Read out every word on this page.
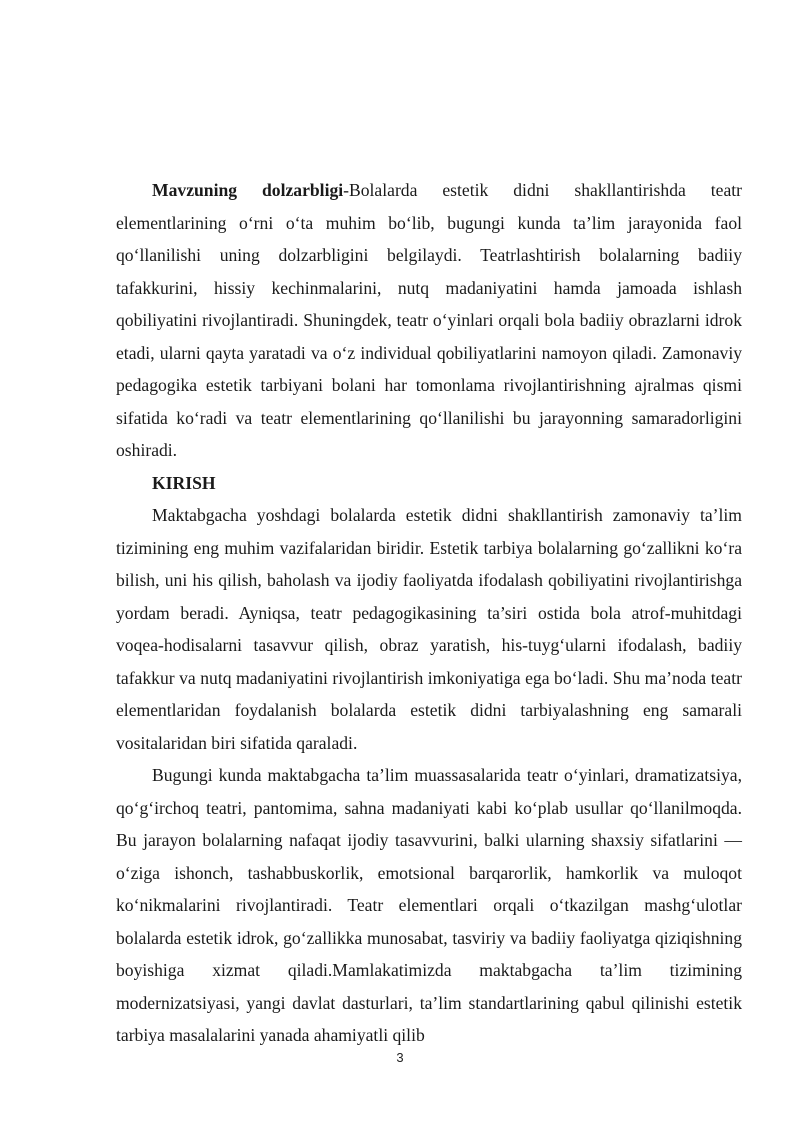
Mavzuning dolzarbligi-Bolalarda estetik didni shakllantirishda teatr elementlarining o‘rni o‘ta muhim bo‘lib, bugungi kunda ta’lim jarayonida faol qo‘llanilishi uning dolzarbligini belgilaydi. Teatrlashtirish bolalarning badiiy tafakkurini, hissiy kechinmalarini, nutq madaniyatini hamda jamoada ishlash qobiliyatini rivojlantiradi. Shuningdek, teatr o‘yinlari orqali bola badiiy obrazlarni idrok etadi, ularni qayta yaratadi va o‘z individual qobiliyatlarini namoyon qiladi. Zamonaviy pedagogika estetik tarbiyani bolani har tomonlama rivojlantirishning ajralmas qismi sifatida ko‘radi va teatr elementlarining qo‘llanilishi bu jarayonning samaradorligini oshiradi.

KIRISH

Maktabgacha yoshdagi bolalarda estetik didni shakllantirish zamonaviy ta’lim tizimining eng muhim vazifalaridan biridir. Estetik tarbiya bolalarning go‘zallikni ko‘ra bilish, uni his qilish, baholash va ijodiy faoliyatda ifodalash qobiliyatini rivojlantirishga yordam beradi. Ayniqsa, teatr pedagogikasining ta’siri ostida bola atrof-muhitdagi voqea-hodisalarni tasavvur qilish, obraz yaratish, his-tuyg‘ularni ifodalash, badiiy tafakkur va nutq madaniyatini rivojlantirish imkoniyatiga ega bo‘ladi. Shu ma’noda teatr elementlaridan foydalanish bolalarda estetik didni tarbiyalashning eng samarali vositalaridan biri sifatida qaraladi.

Bugungi kunda maktabgacha ta’lim muassasalarida teatr o‘yinlari, dramatizatsiya, qo‘g‘irchoq teatri, pantomima, sahna madaniyati kabi ko‘plab usullar qo‘llanilmoqda. Bu jarayon bolalarning nafaqat ijodiy tasavvurini, balki ularning shaxsiy sifatlarini — o‘ziga ishonch, tashabbuskorlik, emotsional barqarorlik, hamkorlik va muloqot ko‘nikmalarini rivojlantiradi. Teatr elementlari orqali o‘tkazilgan mashg‘ulotlar bolalarda estetik idrok, go‘zallikka munosabat, tasviriy va badiiy faoliyatga qiziqishning boyishiga xizmat qiladi.Mamlakatimizda maktabgacha ta’lim tizimining modernizatsiyasi, yangi davlat dasturlari, ta’lim standartlarining qabul qilinishi estetik tarbiya masalalarini yanada ahamiyatli qilib

3
